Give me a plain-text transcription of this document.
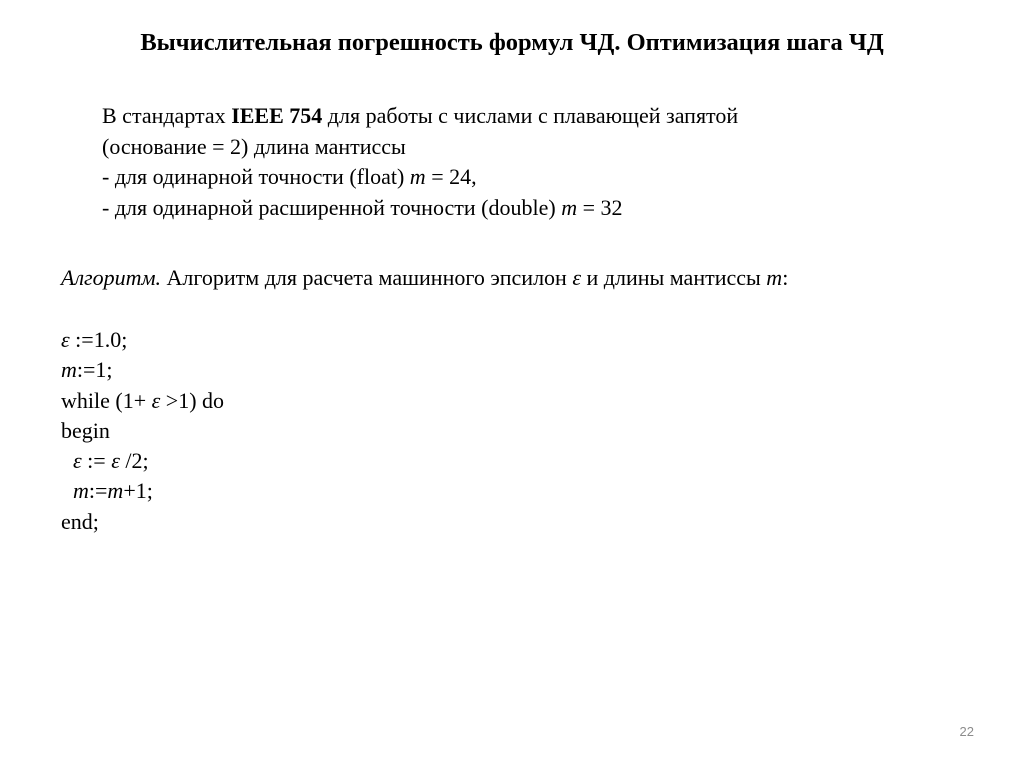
Вычислительная погрешность формул ЧД. Оптимизация шага ЧД
В стандартах IEEE 754 для работы с числами с плавающей запятой
(основание = 2) длина мантиссы
- для одинарной точности (float) m = 24,
- для одинарной расширенной точности (double) m = 32
Алгоритм. Алгоритм для расчета машинного эпсилон ε и длины мантиссы m:
ε :=1.0;
m:=1;
while (1+ ε >1) do
begin
ε := ε /2;
m:=m+1;
end;
22
